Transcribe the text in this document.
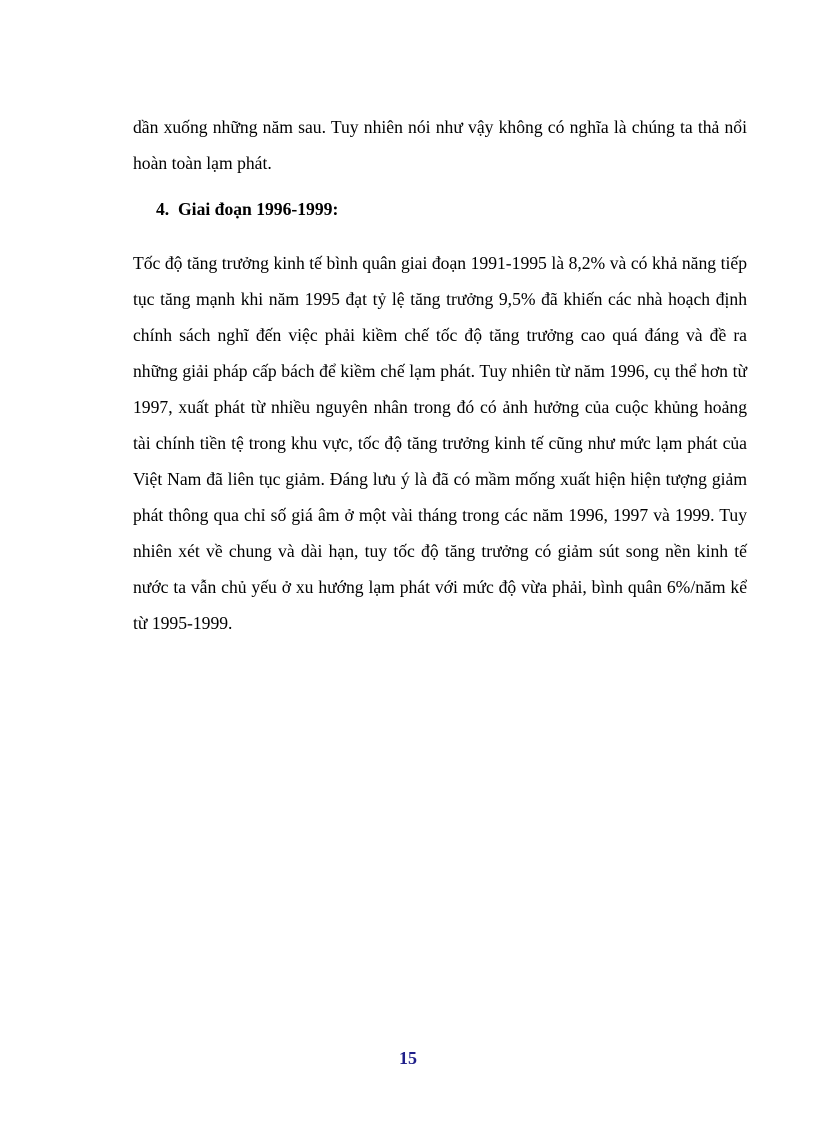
dần xuống những năm sau. Tuy nhiên nói như vậy không có nghĩa là chúng ta thả nổi hoàn toàn lạm phát.

4. Giai đoạn 1996-1999:

Tốc độ tăng trưởng kinh tế bình quân giai đoạn 1991-1995 là 8,2% và có khả năng tiếp tục tăng mạnh khi năm 1995 đạt tỷ lệ tăng trưởng 9,5% đã khiến các nhà hoạch định chính sách nghĩ đến việc phải kiềm chế tốc độ tăng trưởng cao quá đáng và đề ra những giải pháp cấp bách để kiềm chế lạm phát. Tuy nhiên từ năm 1996, cụ thể hơn từ 1997, xuất phát từ nhiều nguyên nhân trong đó có ảnh hưởng của cuộc khủng hoảng tài chính tiền tệ trong khu vực, tốc độ tăng trưởng kinh tế cũng như mức lạm phát của Việt Nam đã liên tục giảm. Đáng lưu ý là đã có mầm mống xuất hiện hiện tượng giảm phát thông qua chỉ số giá âm ở một vài tháng trong các năm 1996, 1997 và 1999. Tuy nhiên xét về chung và dài hạn, tuy tốc độ tăng trưởng có giảm sút song nền kinh tế nước ta vẫn chủ yếu ở xu hướng lạm phát với mức độ vừa phải, bình quân 6%/năm kể từ 1995-1999.

15
